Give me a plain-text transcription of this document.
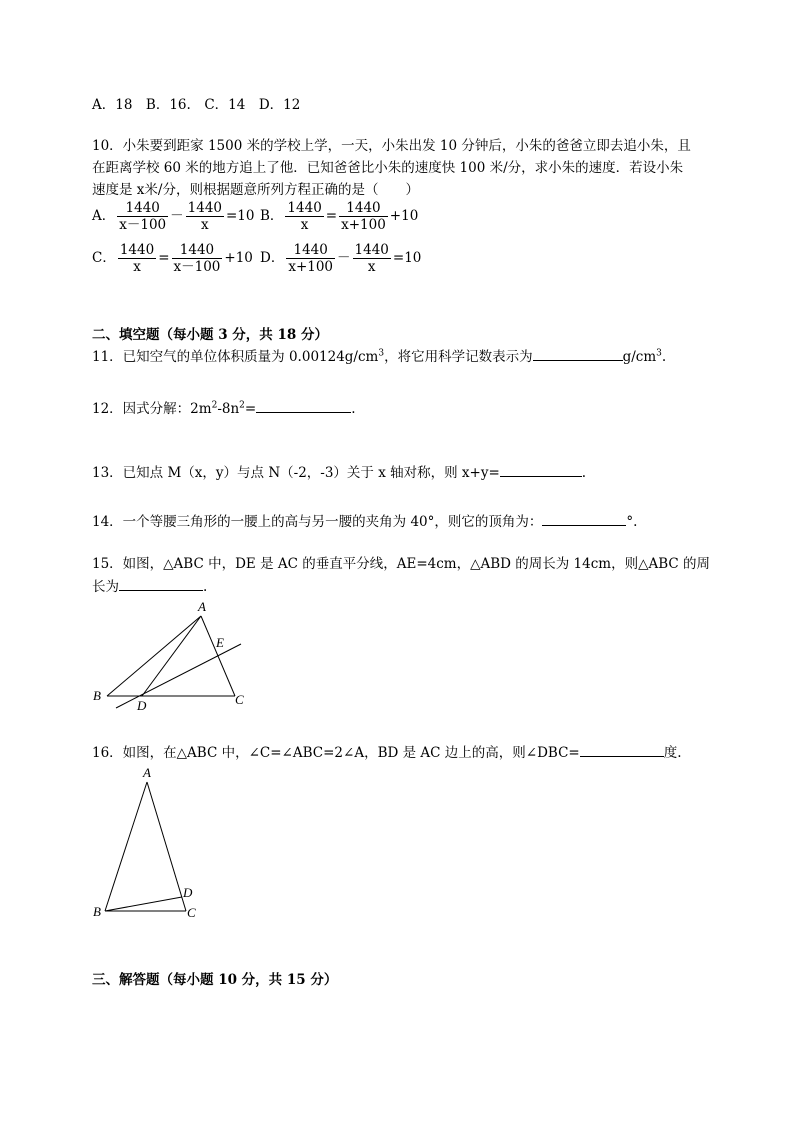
A．18　B．16.　C．14　D．12
10．小朱要到距家 1500 米的学校上学，一天，小朱出发 10 分钟后，小朱的爸爸立即去追小朱，且
在距离学校 60 米的地方追上了他．已知爸爸比小朱的速度快 100 米/分，求小朱的速度．若设小朱
速度是 x米/分，则根据题意所列方程正确的是（　　）
A． $\frac{1440}{x-100} - \frac{1440}{x} =10$ B． $\frac{1440}{x} = \frac{1440}{x+100} +10$
C． $\frac{1440}{x} = \frac{1440}{x-100} +10$ D． $\frac{1440}{x+100} - \frac{1440}{x} =10$
二、填空题（每小题 3 分，共 18 分）
11．已知空气的单位体积质量为 $0.00124g/cm^3$，将它用科学记数表示为	$g/cm^3$.
12．因式分解：$2m^2-8n^2=$	.
13．已知点 M（x，y）与点 N（-2，-3）关于 x 轴对称，则 x+y=	.
14．一个等腰三角形的一腰上的高与另一腰的夹角为 40°，则它的顶角为：	°.
15．如图，△ABC 中，DE 是 AC 的垂直平分线，AE=4cm，△ABD 的周长为 14cm，则△ABC 的周
长为	.
A
B	C
D
E
16．如图，在△ABC 中，∠C=∠ABC=2∠A，BD 是 AC 边上的高，则∠DBC=	度.
A
B	C
D
三、解答题（每小题 10 分，共 15 分）
